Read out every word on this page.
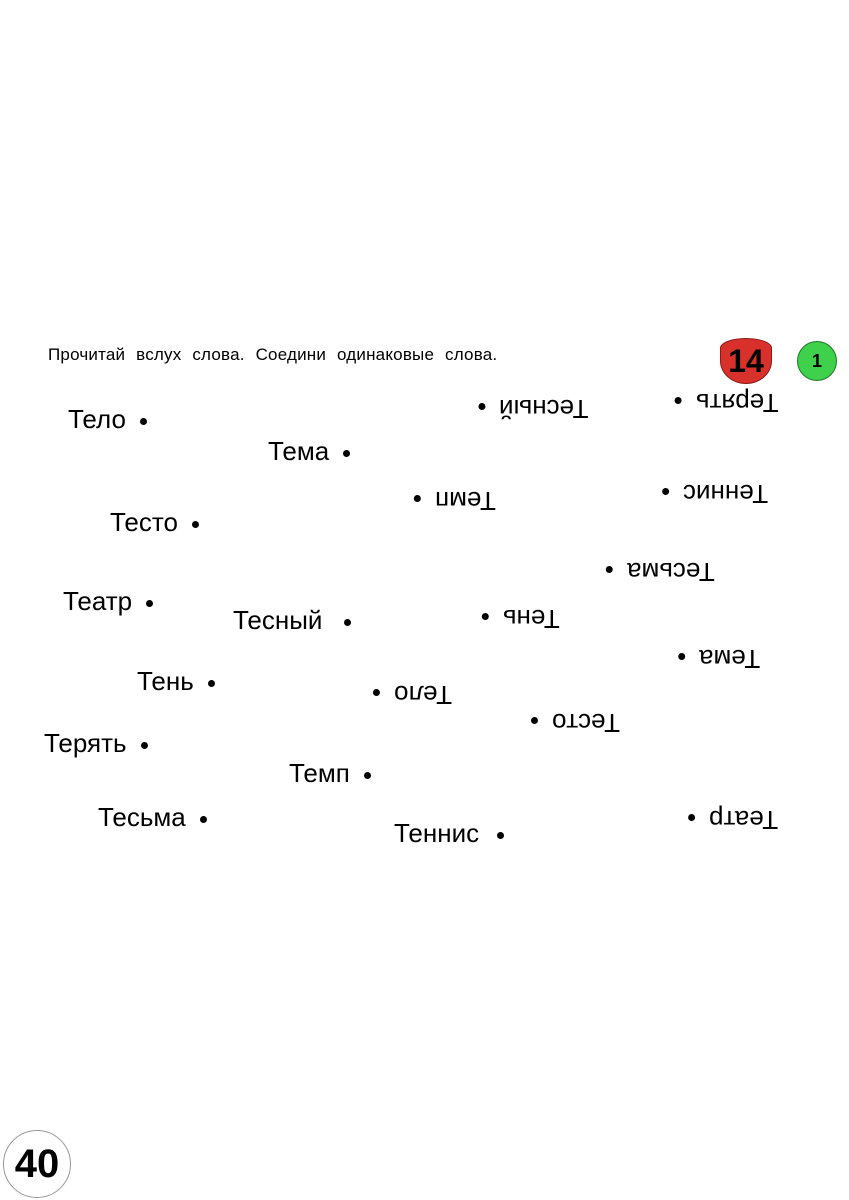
Прочитай вслух слова. Соедини одинаковые слова.	14	1
Тело
Тема
Тесто
Театр
Тесный
Тень
Терять
Темп
Тесьма
Теннис
Тесный	Терять
Теннис
Темп
Тесьма
Тень
Тема
Тело
Тесто
Театр
40
